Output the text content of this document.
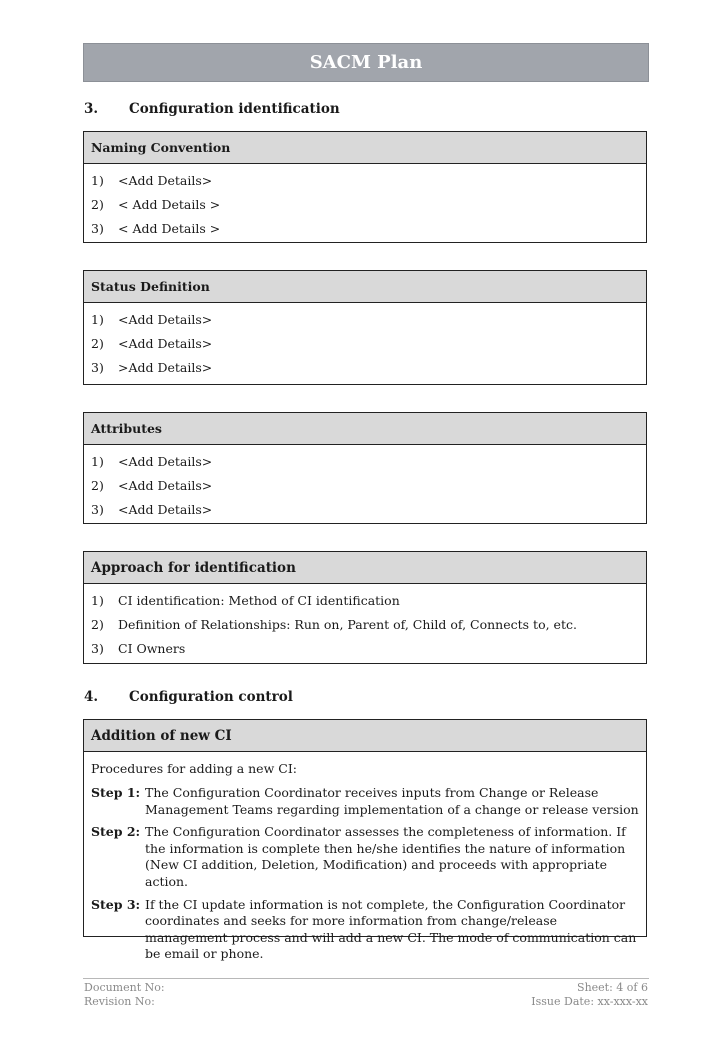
SACM Plan
3. Configuration identification
Naming Convention
1)	<Add Details>
2)	< Add Details >
3)	< Add Details >
Status Definition
1)	<Add Details>
2)	<Add Details>
3)	>Add Details>
Attributes
1)	<Add Details>
2)	<Add Details>
3)	<Add Details>
Approach for identification
1)	CI identification: Method of CI identification
2)	Definition of Relationships: Run on, Parent of, Child of, Connects to, etc.
3)	CI Owners
4. Configuration control
Addition of new CI
Procedures for adding a new CI:
Step 1: The Configuration Coordinator receives inputs from Change or Release Management Teams regarding implementation of a change or release version
Step 2: The Configuration Coordinator assesses the completeness of information. If the information is complete then he/she identifies the nature of information (New CI addition, Deletion, Modification) and proceeds with appropriate action.
Step 3: If the CI update information is not complete, the Configuration Coordinator coordinates and seeks for more information from change/release management process and will add a new CI. The mode of communication can be email or phone.
Document No:	Sheet: 4 of 6
Revision No:	Issue Date: xx-xxx-xx
